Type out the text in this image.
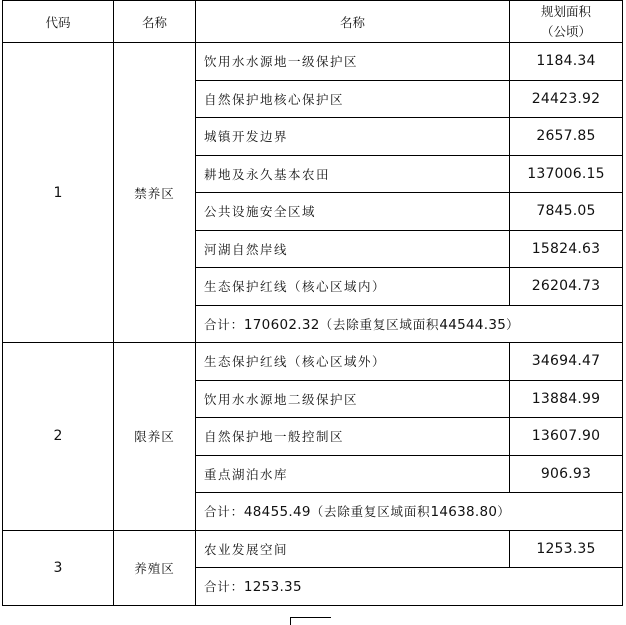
代码	名称	名称	规划面积
（公顷）

1	禁养区	饮用水水源地一级保护区	1184.34
		自然保护地核心保护区	24423.92
		城镇开发边界	2657.85
		耕地及永久基本农田	137006.15
		公共设施安全区域	7845.05
		河湖自然岸线	15824.63
		生态保护红线（核心区域内）	26204.73
		合计：170602.32（去除重复区域面积44544.35）	
2	限养区	生态保护红线（核心区域外）	34694.47
		饮用水水源地二级保护区	13884.99
		自然保护地一般控制区	13607.90
		重点湖泊水库	906.93
		合计：48455.49（去除重复区域面积14638.80）	
3	养殖区	农业发展空间	1253.35
		合计：1253.35	
